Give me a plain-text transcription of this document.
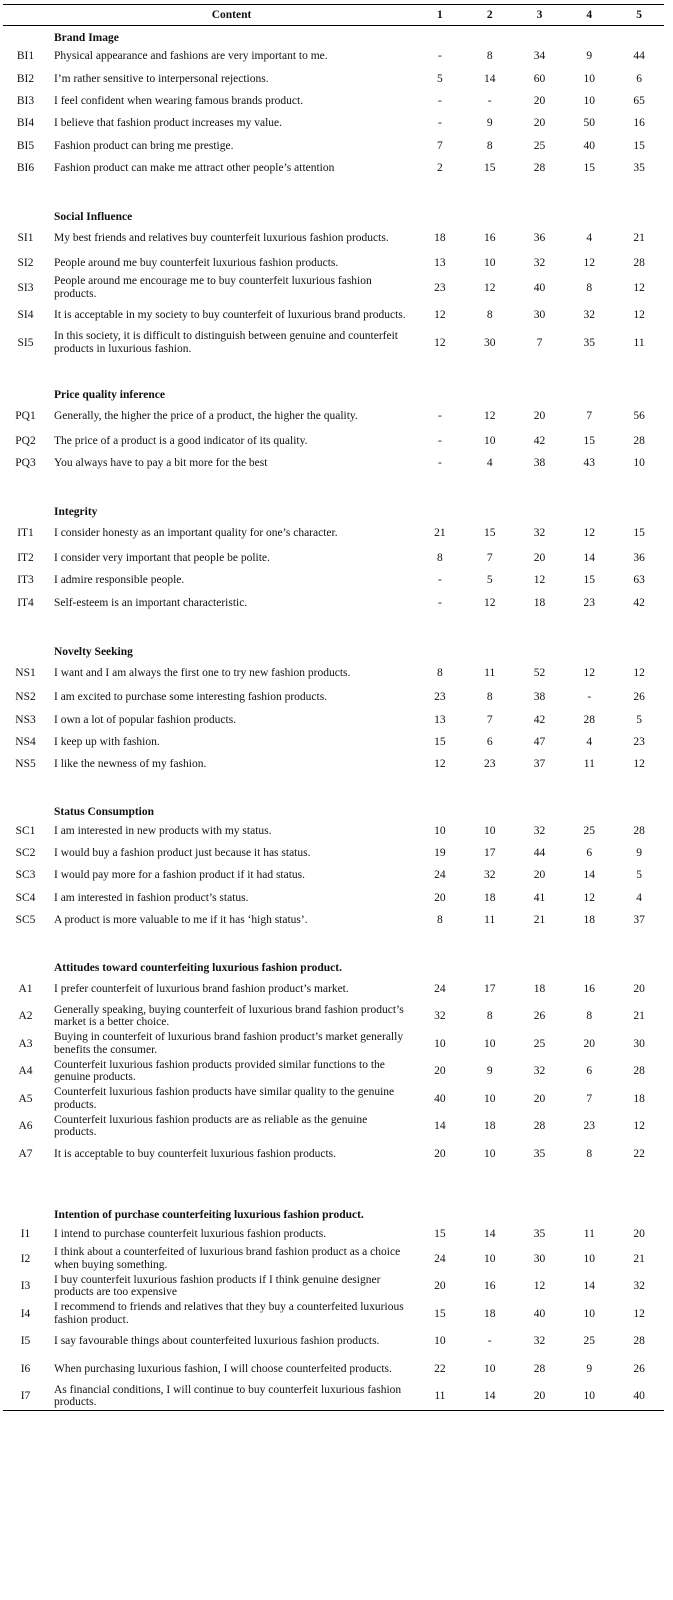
	Content	1	2	3	4	5
	Brand Image					
BI1	Physical appearance and fashions are very important to me.	-	8	34	9	44
BI2	I’m rather sensitive to interpersonal rejections.	5	14	60	10	6
BI3	I feel confident when wearing famous brands product.	-	-	20	10	65
BI4	I believe that fashion product increases my value.	-	9	20	50	16
BI5	Fashion product can bring me prestige.	7	8	25	40	15
BI6	Fashion product can make me attract other people’s attention	2	15	28	15	35

	Social Influence					
SI1	My best friends and relatives buy counterfeit luxurious fashion products.	18	16	36	4	21
SI2	People around me buy counterfeit luxurious fashion products.	13	10	32	12	28
SI3	People around me encourage me to buy counterfeit luxurious fashion products.	23	12	40	8	12
SI4	It is acceptable in my society to buy counterfeit of luxurious brand products.	12	8	30	32	12
SI5	In this society, it is difficult to distinguish between genuine and counterfeit products in luxurious fashion.	12	30	7	35	11

	Price quality inference					
PQ1	Generally, the higher the price of a product, the higher the quality.	-	12	20	7	56
PQ2	The price of a product is a good indicator of its quality.	-	10	42	15	28
PQ3	You always have to pay a bit more for the best	-	4	38	43	10

	Integrity					
IT1	I consider honesty as an important quality for one’s character.	21	15	32	12	15
IT2	I consider very important that people be polite.	8	7	20	14	36
IT3	I admire responsible people.	-	5	12	15	63
IT4	Self-esteem is an important characteristic.	-	12	18	23	42

	Novelty Seeking					
NS1	I want and I am always the first one to try new fashion products.	8	11	52	12	12
NS2	I am excited to purchase some interesting fashion products.	23	8	38	-	26
NS3	I own a lot of popular fashion products.	13	7	42	28	5
NS4	I keep up with fashion.	15	6	47	4	23
NS5	I like the newness of my fashion.	12	23	37	11	12

	Status Consumption					
SC1	I am interested in new products with my status.	10	10	32	25	28
SC2	I would buy a fashion product just because it has status.	19	17	44	6	9
SC3	I would pay more for a fashion product if it had status.	24	32	20	14	5
SC4	I am interested in fashion product’s status.	20	18	41	12	4
SC5	A product is more valuable to me if it has ‘high status’.	8	11	21	18	37

	Attitudes toward counterfeiting luxurious fashion product.					
A1	I prefer counterfeit of luxurious brand fashion product’s market.	24	17	18	16	20
A2	Generally speaking, buying counterfeit of luxurious brand fashion product’s market is a better choice.	32	8	26	8	21
A3	Buying in counterfeit of luxurious brand fashion product’s market generally benefits the consumer.	10	10	25	20	30
A4	Counterfeit luxurious fashion products provided similar functions to the genuine products.	20	9	32	6	28
A5	Counterfeit luxurious fashion products have similar quality to the genuine products.	40	10	20	7	18
A6	Counterfeit luxurious fashion products are as reliable as the genuine products.	14	18	28	23	12
A7	It is acceptable to buy counterfeit luxurious fashion products.	20	10	35	8	22

	Intention of purchase counterfeiting luxurious fashion product.					
I1	I intend to purchase counterfeit luxurious fashion products.	15	14	35	11	20
I2	I think about a counterfeited of luxurious brand fashion product as a choice when buying something.	24	10	30	10	21
I3	I buy counterfeit luxurious fashion products if I think genuine designer products are too expensive	20	16	12	14	32
I4	I recommend to friends and relatives that they buy a counterfeited luxurious fashion product.	15	18	40	10	12
I5	I say favourable things about counterfeited luxurious fashion products.	10	-	32	25	28
I6	When purchasing luxurious fashion, I will choose counterfeited products.	22	10	28	9	26
I7	As financial conditions, I will continue to buy counterfeit luxurious fashion products.	11	14	20	10	40
